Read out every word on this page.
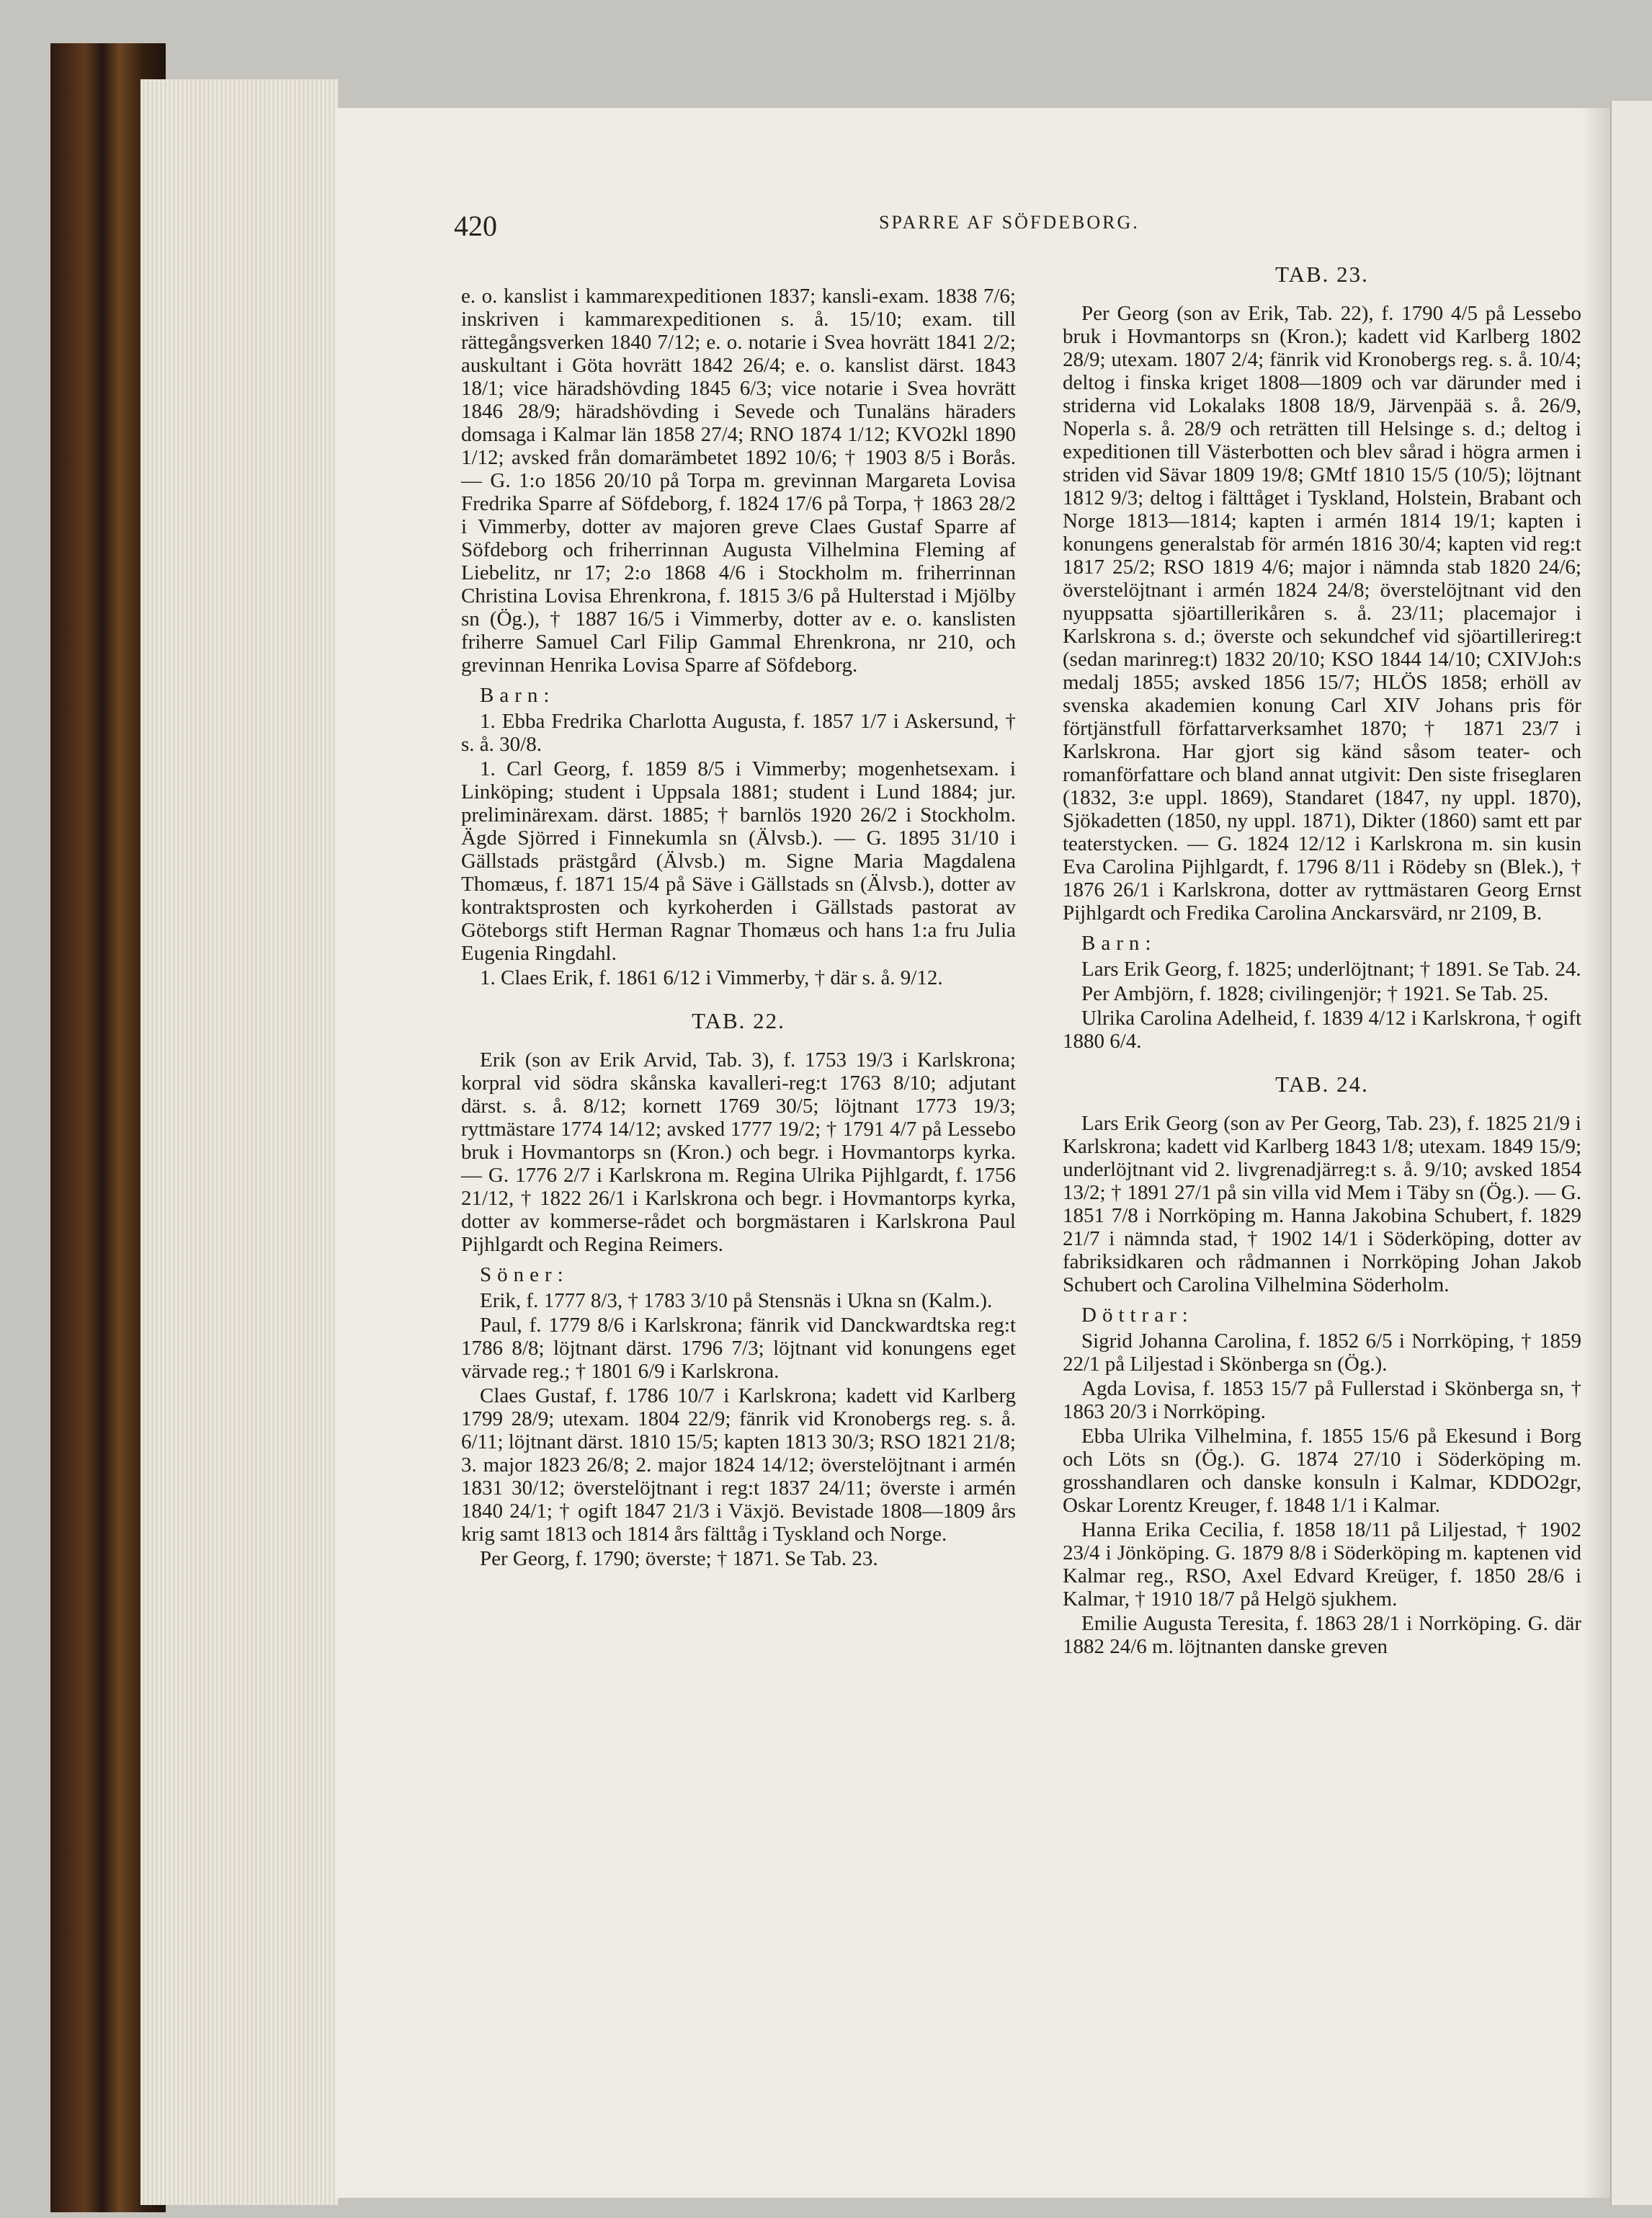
420	SPARRE AF SÖFDEBORG.

e. o. kanslist i kammarexpeditionen 1837; kansli-exam. 1838 7/6; inskriven i kammarexpeditionen s. å. 15/10; exam. till rättegångsverken 1840 7/12; e. o. notarie i Svea hovrätt 1841 2/2; auskultant i Göta hovrätt 1842 26/4; e. o. kanslist därst. 1843 18/1; vice häradshövding 1845 6/3; vice notarie i Svea hovrätt 1846 28/9; häradshövding i Sevede och Tunaläns häraders domsaga i Kalmar län 1858 27/4; RNO 1874 1/12; KVO2kl 1890 1/12; avsked från domarämbetet 1892 10/6; † 1903 8/5 i Borås. — G. 1:o 1856 20/10 på Torpa m. grevinnan Margareta Lovisa Fredrika Sparre af Söfdeborg, f. 1824 17/6 på Torpa, † 1863 28/2 i Vimmerby, dotter av majoren greve Claes Gustaf Sparre af Söfdeborg och friherrinnan Augusta Vilhelmina Fleming af Liebelitz, nr 17; 2:o 1868 4/6 i Stockholm m. friherrinnan Christina Lovisa Ehrenkrona, f. 1815 3/6 på Hulterstad i Mjölby sn (Ög.), † 1887 16/5 i Vimmerby, dotter av e. o. kanslisten friherre Samuel Carl Filip Gammal Ehrenkrona, nr 210, och grevinnan Henrika Lovisa Sparre af Söfdeborg.

Barn:

1. Ebba Fredrika Charlotta Augusta, f. 1857 1/7 i Askersund, † s. å. 30/8.

1. Carl Georg, f. 1859 8/5 i Vimmerby; mogenhetsexam. i Linköping; student i Uppsala 1881; student i Lund 1884; jur. preliminärexam. därst. 1885; † barnlös 1920 26/2 i Stockholm. Ägde Sjörred i Finnekumla sn (Älvsb.). — G. 1895 31/10 i Gällstads prästgård (Älvsb.) m. Signe Maria Magdalena Thomæus, f. 1871 15/4 på Säve i Gällstads sn (Älvsb.), dotter av kontraktsprosten och kyrkoherden i Gällstads pastorat av Göteborgs stift Herman Ragnar Thomæus och hans 1:a fru Julia Eugenia Ringdahl.

1. Claes Erik, f. 1861 6/12 i Vimmerby, † där s. å. 9/12.

TAB. 22.

Erik (son av Erik Arvid, Tab. 3), f. 1753 19/3 i Karlskrona; korpral vid södra skånska kavalleri-reg:t 1763 8/10; adjutant därst. s. å. 8/12; kornett 1769 30/5; löjtnant 1773 19/3; ryttmästare 1774 14/12; avsked 1777 19/2; † 1791 4/7 på Lessebo bruk i Hovmantorps sn (Kron.) och begr. i Hovmantorps kyrka. — G. 1776 2/7 i Karlskrona m. Regina Ulrika Pijhlgardt, f. 1756 21/12, † 1822 26/1 i Karlskrona och begr. i Hovmantorps kyrka, dotter av kommerse-rådet och borgmästaren i Karlskrona Paul Pijhlgardt och Regina Reimers.

Söner:

Erik, f. 1777 8/3, † 1783 3/10 på Stensnäs i Ukna sn (Kalm.).

Paul, f. 1779 8/6 i Karlskrona; fänrik vid Danckwardtska reg:t 1786 8/8; löjtnant därst. 1796 7/3; löjtnant vid konungens eget värvade reg.; † 1801 6/9 i Karlskrona.

Claes Gustaf, f. 1786 10/7 i Karlskrona; kadett vid Karlberg 1799 28/9; utexam. 1804 22/9; fänrik vid Kronobergs reg. s. å. 6/11; löjtnant därst. 1810 15/5; kapten 1813 30/3; RSO 1821 21/8; 3. major 1823 26/8; 2. major 1824 14/12; överstelöjtnant i armén 1831 30/12; överstelöjtnant i reg:t 1837 24/11; överste i armén 1840 24/1; † ogift 1847 21/3 i Växjö. Bevistade 1808—1809 års krig samt 1813 och 1814 års fälttåg i Tyskland och Norge.

Per Georg, f. 1790; överste; † 1871. Se Tab. 23.

TAB. 23.

Per Georg (son av Erik, Tab. 22), f. 1790 4/5 på Lessebo bruk i Hovmantorps sn (Kron.); kadett vid Karlberg 1802 28/9; utexam. 1807 2/4; fänrik vid Kronobergs reg. s. å. 10/4; deltog i finska kriget 1808—1809 och var därunder med i striderna vid Lokalaks 1808 18/9, Järvenpää s. å. 26/9, Noperla s. å. 28/9 och reträtten till Helsinge s. d.; deltog i expeditionen till Västerbotten och blev sårad i högra armen i striden vid Sävar 1809 19/8; GMtf 1810 15/5 (10/5); löjtnant 1812 9/3; deltog i fälttåget i Tyskland, Holstein, Brabant och Norge 1813—1814; kapten i armén 1814 19/1; kapten i konungens generalstab för armén 1816 30/4; kapten vid reg:t 1817 25/2; RSO 1819 4/6; major i nämnda stab 1820 24/6; överstelöjtnant i armén 1824 24/8; överstelöjtnant vid den nyuppsatta sjöartillerikåren s. å. 23/11; placemajor i Karlskrona s. d.; överste och sekundchef vid sjöartillerireg:t (sedan marinreg:t) 1832 20/10; KSO 1844 14/10; CXIVJoh:s medalj 1855; avsked 1856 15/7; HLÖS 1858; erhöll av svenska akademien konung Carl XIV Johans pris för förtjänstfull författarverksamhet 1870; † 1871 23/7 i Karlskrona. Har gjort sig känd såsom teater- och romanförfattare och bland annat utgivit: Den siste friseglaren (1832, 3:e uppl. 1869), Standaret (1847, ny uppl. 1870), Sjökadetten (1850, ny uppl. 1871), Dikter (1860) samt ett par teaterstycken. — G. 1824 12/12 i Karlskrona m. sin kusin Eva Carolina Pijhlgardt, f. 1796 8/11 i Rödeby sn (Blek.), † 1876 26/1 i Karlskrona, dotter av ryttmästaren Georg Ernst Pijhlgardt och Fredika Carolina Anckarsvärd, nr 2109, B.

Barn:

Lars Erik Georg, f. 1825; underlöjtnant; † 1891. Se Tab. 24.

Per Ambjörn, f. 1828; civilingenjör; † 1921. Se Tab. 25.

Ulrika Carolina Adelheid, f. 1839 4/12 i Karlskrona, † ogift 1880 6/4.

TAB. 24.

Lars Erik Georg (son av Per Georg, Tab. 23), f. 1825 21/9 i Karlskrona; kadett vid Karlberg 1843 1/8; utexam. 1849 15/9; underlöjtnant vid 2. livgrenadjärreg:t s. å. 9/10; avsked 1854 13/2; † 1891 27/1 på sin villa vid Mem i Täby sn (Ög.). — G. 1851 7/8 i Norrköping m. Hanna Jakobina Schubert, f. 1829 21/7 i nämnda stad, † 1902 14/1 i Söderköping, dotter av fabriksidkaren och rådmannen i Norrköping Johan Jakob Schubert och Carolina Vilhelmina Söderholm.

Döttrar:

Sigrid Johanna Carolina, f. 1852 6/5 i Norrköping, † 1859 22/1 på Liljestad i Skönberga sn (Ög.).

Agda Lovisa, f. 1853 15/7 på Fullerstad i Skönberga sn, † 1863 20/3 i Norrköping.

Ebba Ulrika Vilhelmina, f. 1855 15/6 på Ekesund i Borg och Löts sn (Ög.). G. 1874 27/10 i Söderköping m. grosshandlaren och danske konsuln i Kalmar, KDDO2gr, Oskar Lorentz Kreuger, f. 1848 1/1 i Kalmar.

Hanna Erika Cecilia, f. 1858 18/11 på Liljestad, † 1902 23/4 i Jönköping. G. 1879 8/8 i Söderköping m. kaptenen vid Kalmar reg., RSO, Axel Edvard Kreüger, f. 1850 28/6 i Kalmar, † 1910 18/7 på Helgö sjukhem.

Emilie Augusta Teresita, f. 1863 28/1 i Norrköping. G. där 1882 24/6 m. löjtnanten danske greven
